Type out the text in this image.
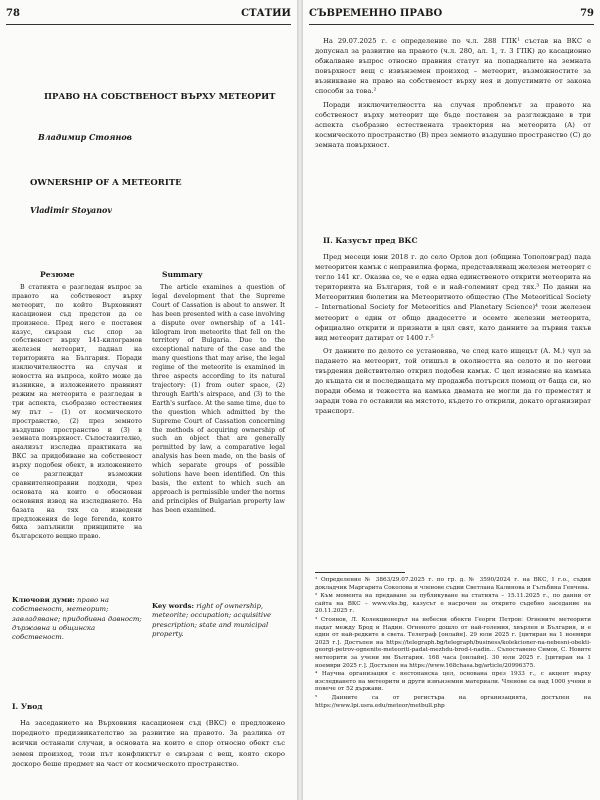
78	СТАТИИ
ПРАВО НА СОБСТВЕНОСТ ВЪРХУ МЕТЕОРИТ
Владимир Стоянов
OWNERSHIP OF A METEORITE
Vladimir Stoyanov
Резюме

В статията е разгледан въпрос за правото на собственост върху метеорит, по който Върховният касационен съд предстои да се произнесе. Пред него е поставен казус, свързан със спор за собственост върху 141-килограмов железен метеорит, паднал на територията на България. Поради изключителността на случая и новостта на въпроса, който може да възникне, в изложението правният режим на метеорита е разгледан в три аспекта, съобразно естествения му път – (1) от космическото пространство, (2) през земното въздушно пространство и (3) в земната повърхност. Съпоставително, анализът изследва практиката на ВКС за придобиване на собственост върху подобен обект, в изложението се разглеждат възможни сравнителноправни подходи, чрез основата на които е обоснован основния извод на изследването. На базата на тях са изведени предложения de lege ferenda, които биха запълнили принципите на българското вещно право.

Ключови думи: право на собственост, метеорит; завладяване; придобивна давност; държавна и общинска собственост.
Summary

The article examines a question of legal development that the Supreme Court of Cassation is about to answer. It has been presented with a case involving a dispute over ownership of a 141-kilogram iron meteorite that fell on the territory of Bulgaria. Due to the exceptional nature of the case and the many questions that may arise, the legal regime of the meteorite is examined in three aspects according to its natural trajectory: (1) from outer space, (2) through Earth's airspace, and (3) to the Earth's surface. At the same time, due to the question which admitted by the Supreme Court of Cassation concerning the methods of acquiring ownership of such an object that are generally permitted by law, a comparative legal analysis has been made, on the basis of which separate groups of possible solutions have been identified. On this basis, the extent to which such an approach is permissible under the norms and principles of Bulgarian property law has been examined.

Key words: right of ownership, meteorite; occupation; acquisitive prescription; state and municipal property.
I. Увод

На заседанието на Върховния касационен съд (ВКС) е предложено поредното предизвикателство за развитие на правото. За разлика от всички останали случаи, в основата на които е спор относно обект със земен произход, този път конфликтът е свързан с вещ, която скоро доскоро беше предмет на част от космическото пространство.

СЪВРЕМЕННО ПРАВО	79

На 29.07.2025 г. с определение по ч.л. 288 ГПК¹ състав на ВКС е допуснал за развитие на правото (ч.л. 280, ал. 1, т. 3 ГПК) до касационно обжалване въпрос относно правния статут на попадналите на земната повърхност вещ с извънземен произход – метеорит, възможностите за възникване на право на собственост върху нея и допустимите от закона способи за това.²

Поради изключителността на случая проблемът за правото на собственост върху метеорит ще бъде поставен за разглеждане в три аспекта съобразно естествената траектория на метеорита (А) от космическото пространство (В) през земното въздушно пространство (С) до земната повърхност.

II. Казусът пред ВКС

Пред месеци юни 2018 г. до село Орлов дол (община Тополовград) пада метеоритен камък с неправилна форма, представляващ железен метеорит с тегло 141 кг. Оказва се, че е една една единственото открити метеорита на територията на България, той е и най-големият сред тях.³ По данни на Метеоритния бюлетин на Метеоритното общество (The Meteoritical Society – International Society for Meteoritics and Planetary Science)⁴ този железен метеорит е един от общо двадесетте и осемте железни метеорита, официално открити и признати в цял свят, като данните за първия такъв вид метеорит датират от 1400 г.⁵

От данните по делото се установява, че след като ищецът (А. М.) чул за падането на метеорит, той отишъл в околността на селото и по негови твърдения действително открил подобен камък. С цел изнасяне на камъка до къщата си и последващата му продажба потърсил помощ от баща си, но поради обема и тежестта на камъка двамата не могли да го преместят и заради това го оставили на мястото, където го открили, докато организират транспорт.

¹ Определение № 3863/29.07.2025 г. по гр. д. № 3590/2024 г. на ВКС, I г.о., съдия докладчик Маргарита Соколова и членове съдии Светлана Калинова и Гълъбина Генчева.

² Към момента на предаване за публикуване на статията – 15.11.2025 г., по данни от сайта на ВКС – www.vks.bg, казусът е насрочен за открито съдебно заседание на 20.11.2025 г.

³ Стоянов, Л. Колекционерът на небесни обекти Георги Петров: Огнените метеорити падат между Брод и Надин. Огненото дошло от най-големия, хвърлен в България, и е един от най-редките в света. Телеграф [онлайн]. 29 юли 2025 г. [цитиран на 1 ноември 2025 г.]. Достъпен на https://telegraph.bg/telegraph/business/kolekcioner-na-nebesni-obekti-georgi-petrov-ognenite-meteoriti-padat-mezhdu-brod-i-nadin... Съпоставено Симов, С. Новите метеорити за учени вм България. 168 часа [онлайн]. 30 юли 2025 г. [цитиран на 1 ноември 2025 г.]. Достъпен на https://www.168chasa.bg/article/20996375.

⁴ Научна организация с нестопанска цел, основана през 1933 г., с акцент върху изследването на метеорити и други извънземни материали. Членове са над 1000 учени в повече от 52 държави.

⁵ Данните са от регистъра на организацията, достъпен на https://www.lpi.usra.edu/meteor/metbull.php
